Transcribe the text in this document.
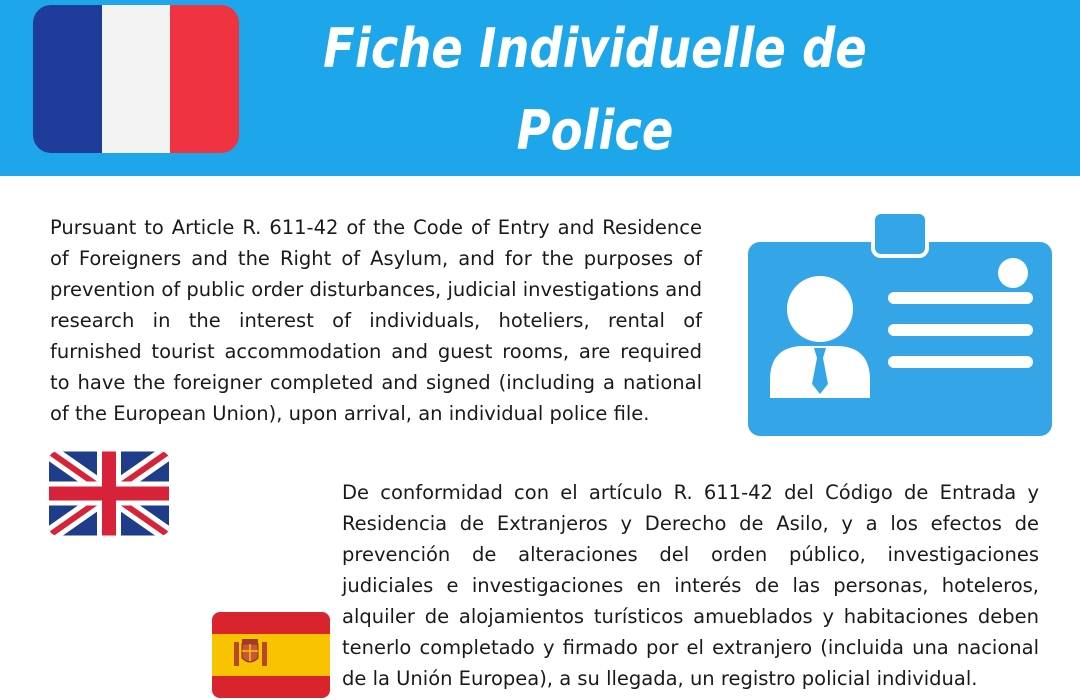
Fiche Individuelle de
Police

Pursuant to Article R. 611-42 of the Code of Entry and Residence of Foreigners and the Right of Asylum, and for the purposes of prevention of public order disturbances, judicial investigations and research in the interest of individuals, hoteliers, rental of furnished tourist accommodation and guest rooms, are required to have the foreigner completed and signed (including a national of the European Union), upon arrival, an individual police file.

De conformidad con el artículo R. 611-42 del Código de Entrada y Residencia de Extranjeros y Derecho de Asilo, y a los efectos de prevención de alteraciones del orden público, investigaciones judiciales e investigaciones en interés de las personas, hoteleros, alquiler de alojamientos turísticos amueblados y habitaciones deben tenerlo completado y firmado por el extranjero (incluida una nacional de la Unión Europea), a su llegada, un registro policial individual.
